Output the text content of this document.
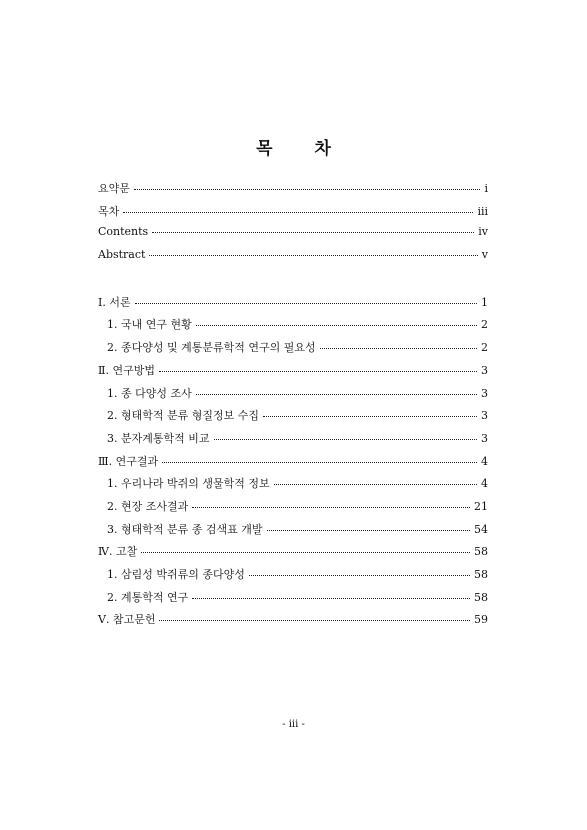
목 차
요약문	i
목차	iii
Contents	iv
Abstract	v
Ⅰ. 서론	1
1. 국내 연구 현황	2
2. 종다양성 및 계통분류학적 연구의 필요성	2
Ⅱ. 연구방법	3
1. 종 다양성 조사	3
2. 형태학적 분류 형질정보 수집	3
3. 분자계통학적 비교	3
Ⅲ. 연구결과	4
1. 우리나라 박쥐의 생물학적 정보	4
2. 현장 조사결과	21
3. 형태학적 분류 종 검색표 개발	54
Ⅳ. 고찰	58
1. 삼림성 박쥐류의 종다양성	58
2. 계통학적 연구	58
Ⅴ. 참고문헌	59
- iii -
